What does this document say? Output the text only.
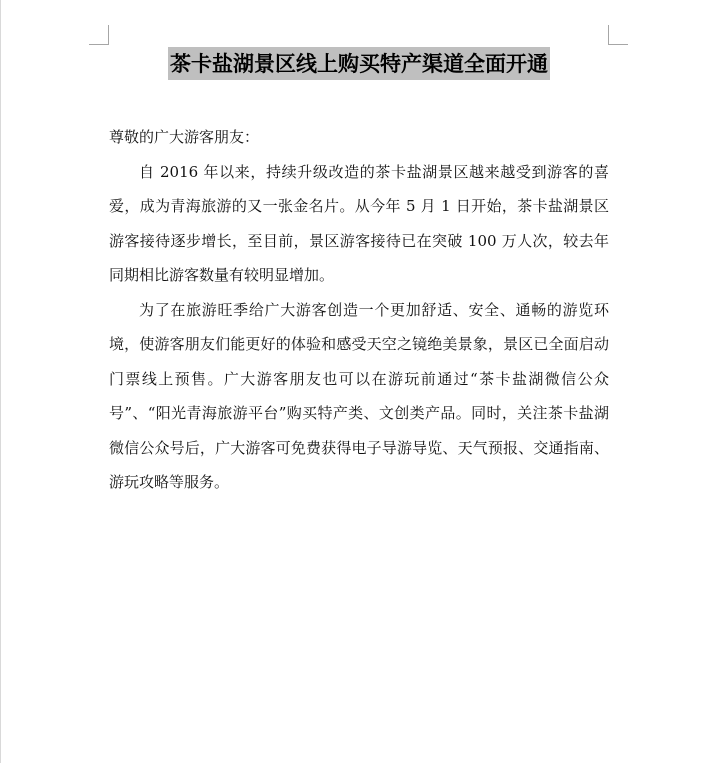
茶卡盐湖景区线上购买特产渠道全面开通

尊敬的广大游客朋友：

自 2016 年以来，持续升级改造的茶卡盐湖景区越来越受到游客的喜爱，成为青海旅游的又一张金名片。从今年 5 月 1 日开始，茶卡盐湖景区游客接待逐步增长，至目前，景区游客接待已在突破 100 万人次，较去年同期相比游客数量有较明显增加。

为了在旅游旺季给广大游客创造一个更加舒适、安全、通畅的游览环境，使游客朋友们能更好的体验和感受天空之镜绝美景象，景区已全面启动门票线上预售。广大游客朋友也可以在游玩前通过“茶卡盐湖微信公众号”、“阳光青海旅游平台”购买特产类、文创类产品。同时，关注茶卡盐湖微信公众号后，广大游客可免费获得电子导游导览、天气预报、交通指南、游玩攻略等服务。
